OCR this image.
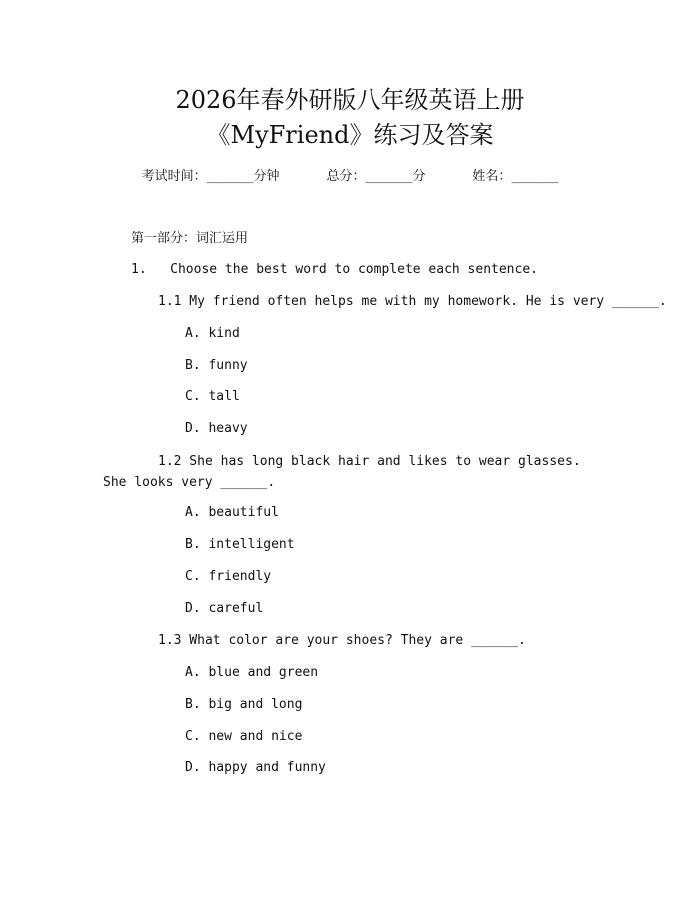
2026年春外研版八年级英语上册
《MyFriend》练习及答案
考试时间：______分钟      总分：______分      姓名：______
第一部分：词汇运用
1. Choose the best word to complete each sentence.
1.1 My friend often helps me with my homework. He is very ______.
A. kind
B. funny
C. tall
D. heavy
1.2 She has long black hair and likes to wear glasses. She looks very ______.
A. beautiful
B. intelligent
C. friendly
D. careful
1.3 What color are your shoes? They are ______.
A. blue and green
B. big and long
C. new and nice
D. happy and funny
